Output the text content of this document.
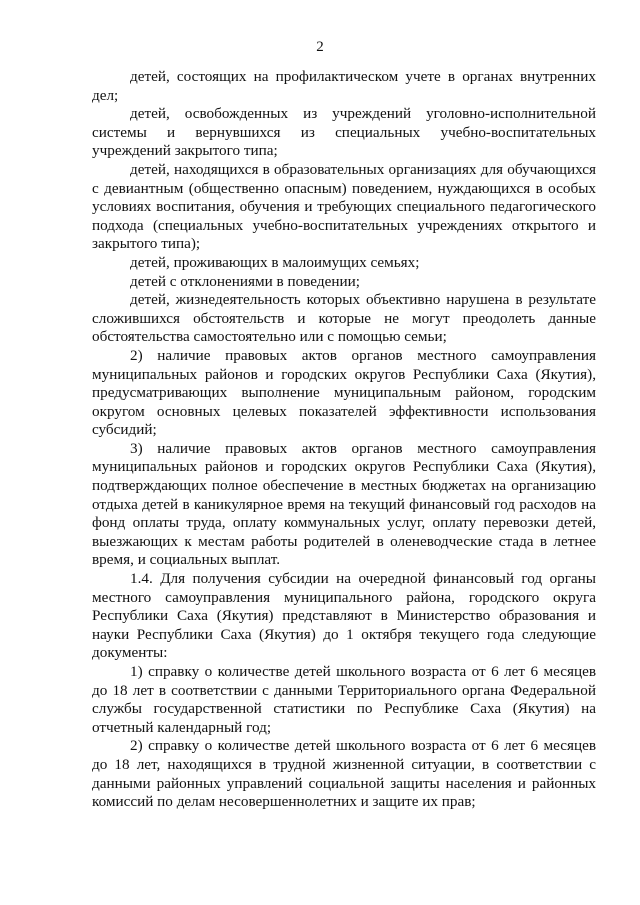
2

детей, состоящих на профилактическом учете в органах внутренних дел;

детей, освобожденных из учреждений уголовно-исполнительной системы и вернувшихся из специальных учебно-воспитательных учреждений закрытого типа;

детей, находящихся в образовательных организациях для обучающихся с девиантным (общественно опасным) поведением, нуждающихся в особых условиях воспитания, обучения и требующих специального педагогического подхода (специальных учебно-воспитательных учреждениях открытого и закрытого типа);

детей, проживающих в малоимущих семьях;

детей с отклонениями в поведении;

детей, жизнедеятельность которых объективно нарушена в результате сложившихся обстоятельств и которые не могут преодолеть данные обстоятельства самостоятельно или с помощью семьи;

2) наличие правовых актов органов местного самоуправления муниципальных районов и городских округов Республики Саха (Якутия), предусматривающих выполнение муниципальным районом, городским округом основных целевых показателей эффективности использования субсидий;

3) наличие правовых актов органов местного самоуправления муниципальных районов и городских округов Республики Саха (Якутия), подтверждающих полное обеспечение в местных бюджетах на организацию отдыха детей в каникулярное время на текущий финансовый год расходов на фонд оплаты труда, оплату коммунальных услуг, оплату перевозки детей, выезжающих к местам работы родителей в оленеводческие стада в летнее время, и социальных выплат.

1.4. Для получения субсидии на очередной финансовый год органы местного самоуправления муниципального района, городского округа Республики Саха (Якутия) представляют в Министерство образования и науки Республики Саха (Якутия) до 1 октября текущего года следующие документы:

1) справку о количестве детей школьного возраста от 6 лет 6 месяцев до 18 лет в соответствии с данными Территориального органа Федеральной службы государственной статистики по Республике Саха (Якутия) на отчетный календарный год;

2) справку о количестве детей школьного возраста от 6 лет 6 месяцев до 18 лет, находящихся в трудной жизненной ситуации, в соответствии с данными районных управлений социальной защиты населения и районных комиссий по делам несовершеннолетних и защите их прав;
